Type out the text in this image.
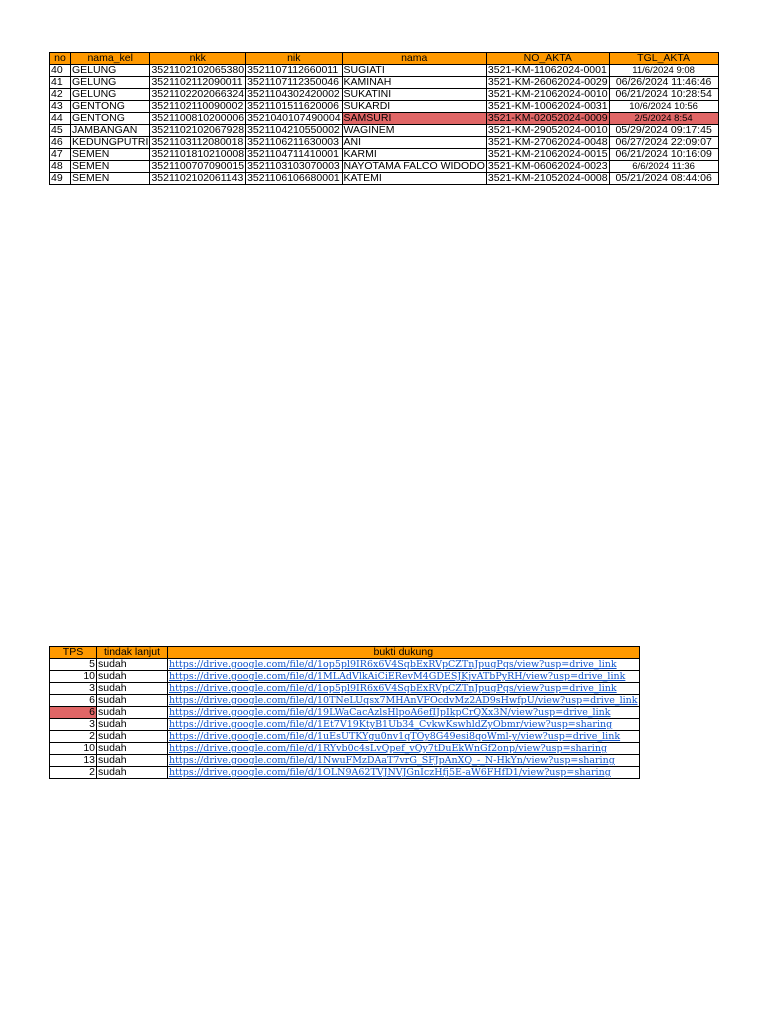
no	nama_kel	nkk	nik	nama	NO_AKTA	TGL_AKTA
40	GELUNG	3521102102065380	3521107112660011	SUGIATI	3521-KM-11062024-0001	11/6/2024 9:08
41	GELUNG	3521102112090011	3521107112350046	KAMINAH	3521-KM-26062024-0029	06/26/2024 11:46:46
42	GELUNG	3521102202066324	3521104302420002	SUKATINI	3521-KM-21062024-0010	06/21/2024 10:28:54
43	GENTONG	3521102110090002	3521101511620006	SUKARDI	3521-KM-10062024-0031	10/6/2024 10:56
44	GENTONG	3521100810200006	3521040107490004	SAMSURI	3521-KM-02052024-0009	2/5/2024 8:54
45	JAMBANGAN	3521102102067928	3521104210550002	WAGINEM	3521-KM-29052024-0010	05/29/2024 09:17:45
46	KEDUNGPUTRI	3521103112080018	3521106211630003	ANI	3521-KM-27062024-0048	06/27/2024 22:09:07
47	SEMEN	3521101810210008	3521104711410001	KARMI	3521-KM-21062024-0015	06/21/2024 10:16:09
48	SEMEN	3521100707090015	3521103103070003	NAYOTAMA FALCO WIDODO	3521-KM-06062024-0023	6/6/2024 11:36
49	SEMEN	3521102102061143	3521106106680001	KATEMI	3521-KM-21052024-0008	05/21/2024 08:44:06
TPS	tindak lanjut	bukti dukung
5	sudah	https://drive.google.com/file/d/1op5pl9IR6x6V4SqbExRVpCZTnJpugPqs/view?usp=drive_link
10	sudah	https://drive.google.com/file/d/1MLAdVlkAiCiERevM4GDESJKjvATbPyRH/view?usp=drive_link
3	sudah	https://drive.google.com/file/d/1op5pl9IR6x6V4SqbExRVpCZTnJpugPqs/view?usp=drive_link
6	sudah	https://drive.google.com/file/d/10TNeLUqsx7MHAnVFOcdvMz2AD9sHwfpU/view?usp=drive_link
6	sudah	https://drive.google.com/file/d/19LWaCacAzlsHlpoA6efIJpIkpCrQXx3N/view?usp=drive_link
3	sudah	https://drive.google.com/file/d/1Et7V19KtyB1Ub34_CvkwKswhldZyObmr/view?usp=sharing
2	sudah	https://drive.google.com/file/d/1uEsUTKYgu0nv1qTOy8G49esi8qoWml-y/view?usp=drive_link
10	sudah	https://drive.google.com/file/d/1RYvb0c4sLvQpef_vQy7tDuEkWnGf2onp/view?usp=sharing
13	sudah	https://drive.google.com/file/d/1NwuFMzDAaT7vrG_SFJpAnXQ_-_N-HkYn/view?usp=sharing
2	sudah	https://drive.google.com/file/d/1OLN9A62TVJNVJGnIczHfj5E-aW6FHfD1/view?usp=sharing
